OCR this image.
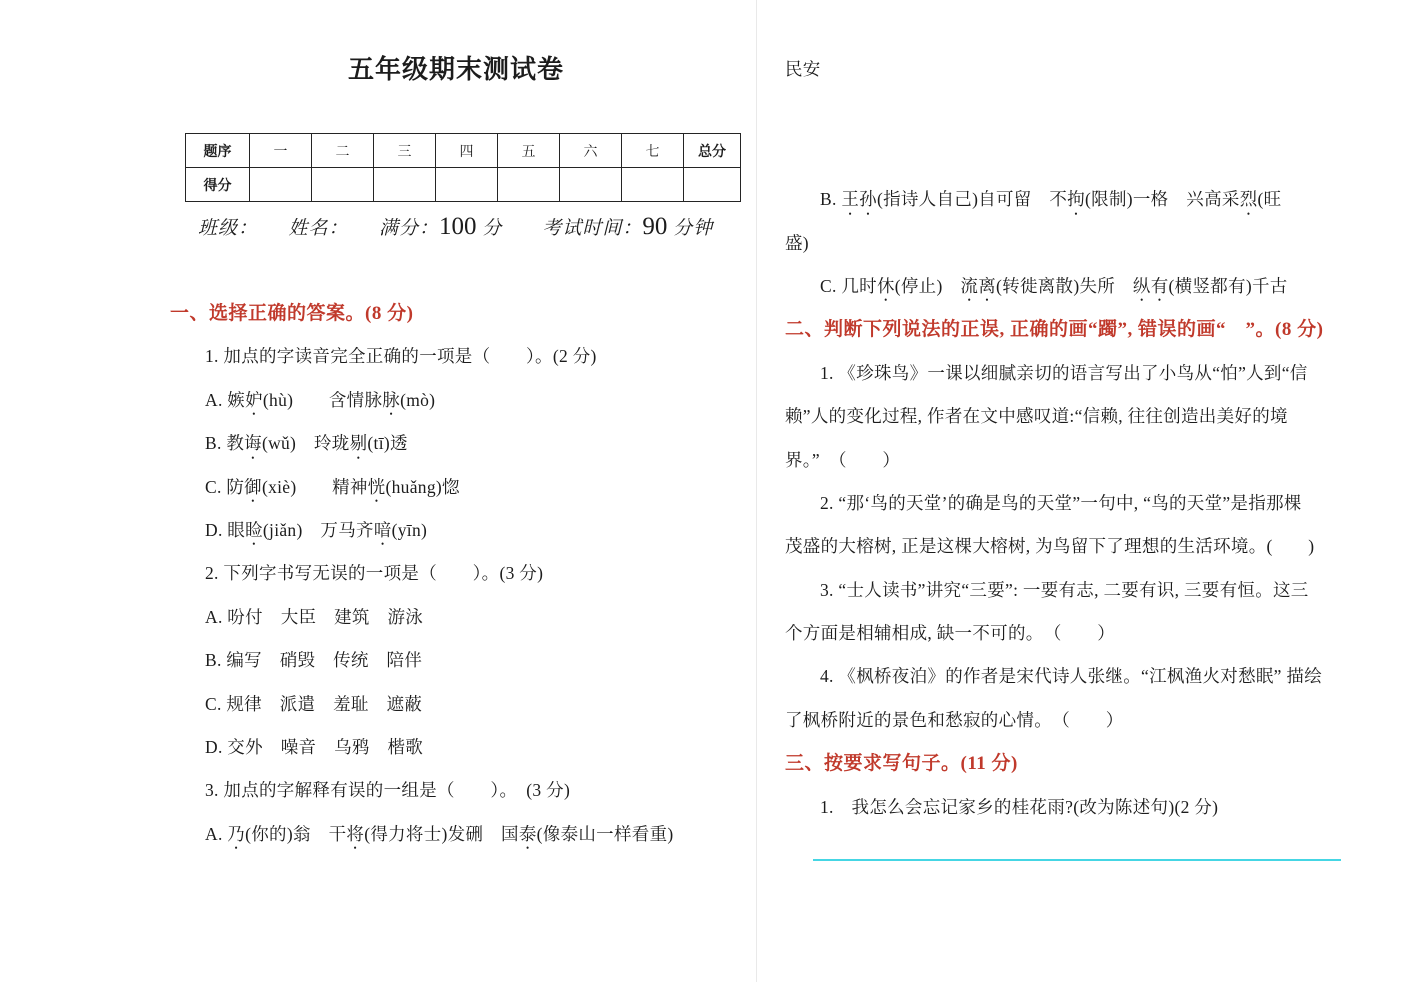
五年级期末测试卷
题序	一	二	三	四	五	六	七	总分
得分								
班级：　　姓名：　　满分：100 分　　考试时间：90 分钟
一、选择正确的答案。(8 分)
1. 加点的字读音完全正确的一项是（　　）。(2 分)
A. 嫉妒(hù)　　含情脉脉(mò)
B. 教诲(wǔ)　玲珑剔(tī)透
C. 防御(xiè)　　精神恍(huǎng)惚
D. 眼睑(jiǎn)　万马齐喑(yīn)
2. 下列字书写无误的一项是（　　）。(3 分)
A. 吩付　大臣　建筑　游泳
B. 编写　硝毁　传统　陪伴
C. 规律　派遣　羞耻　遮蔽
D. 交外　噪音　乌鸦　楷歌
3. 加点的字解释有误的一组是（　　）。　(3 分)
A. 乃(你的)翁　干将(得力将士)发硎　国泰(像泰山一样看重)
民安
B. 王孙(指诗人自己)自可留　不拘(限制)一格　兴高采烈(旺
盛)
C. 几时休(停止)　流离(转徙离散)失所　纵有(横竖都有)千古
二、判断下列说法的正误, 正确的画“躅”, 错误的画“　”。(8 分)
1. 《珍珠鸟》一课以细腻亲切的语言写出了小鸟从“怕”人到“信
赖”人的变化过程, 作者在文中感叹道:“信赖, 往往创造出美好的境
界。”　（　　）
2. “那‘鸟的天堂’的确是鸟的天堂”一句中, “鸟的天堂”是指那棵
茂盛的大榕树, 正是这棵大榕树, 为鸟留下了理想的生活环境。(　　)
3. “士人读书”讲究“三要”: 一要有志, 二要有识, 三要有恒。这三
个方面是相辅相成, 缺一不可的。　（　　）
4. 《枫桥夜泊》的作者是宋代诗人张继。“江枫渔火对愁眠” 描绘
了枫桥附近的景色和愁寂的心情。　（　　）
三、按要求写句子。(11 分)
1.　我怎么会忘记家乡的桂花雨?(改为陈述句)(2 分)
